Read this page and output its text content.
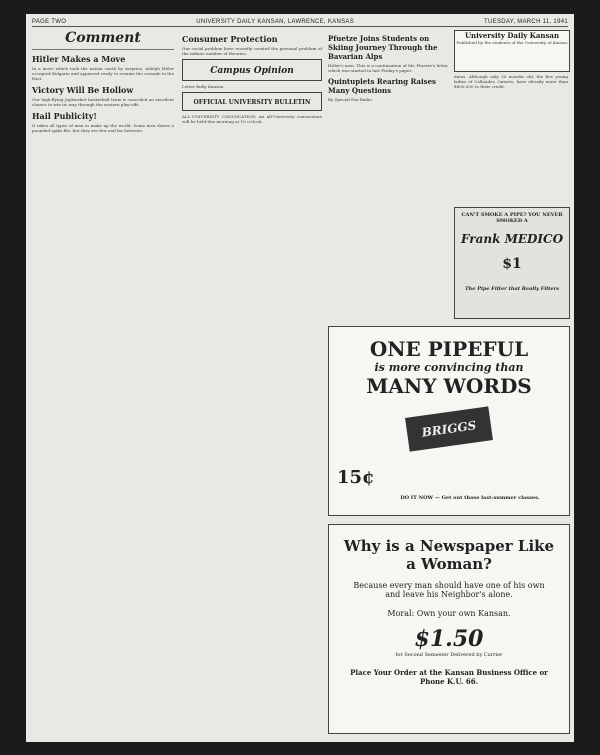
PAGE TWO	UNIVERSITY DAILY KANSAN, LAWRENCE, KANSAS	TUESDAY, MARCH 11, 1941
Comment
Hitler Makes a Move

In a move which took the nation south by surprise, Adolph Hitler occupied Bulgaria and appeared ready to resume the crusade to the East.

Victory Will Be Hollow

Our high-flying Jayhawker basketball team is conceded an excellent chance to win its way through the eastern play-offs.

Hail Publicity!

It takes all types of men to make up the world. Some men desire a pounded spike file, but they are few and far between.

Consumer Protection

Our social problem have recently created the personal problem of the infinite number of theories.

Campus Opinion

Letter Bully Kansan.

OFFICIAL UNIVERSITY BULLETIN

ALL-UNIVERSITY CONVOCATION: An all-University convocation will be held this morning at 10 o'clock.

Pfuetze Joins Students on Skiing Journey Through the Bavarian Alps

Hitler's men. This is a continuation of Mr. Pfuetze's letter which was started in last Friday's paper.

Quintuplets Rearing Raises Many Questions

By Special Fox Radio

dates. Although only 30 months old, the five young ladies of Callander, Ontario, have already more than $600,000 to their credit.

University Daily Kansan
Published by the students of the University of Kansas
CAN'T SMOKE A PIPE? YOU NEVER SMOKED A
Frank MEDICO
$1
The Pipe Filter that Really Filters
ONE PIPEFUL
is more convincing than
MANY WORDS
BRIGGS
15¢
DO IT NOW — Get out those last-summer classes.
Why is a Newspaper Like a Woman?
Because every man should have one of his own and leave his Neighbor's alone.
Moral: Own your own Kansan.
$1.50
for Second Semester Delivered by Carrier
Place Your Order at the Kansan Business Office or Phone K.U. 66.
